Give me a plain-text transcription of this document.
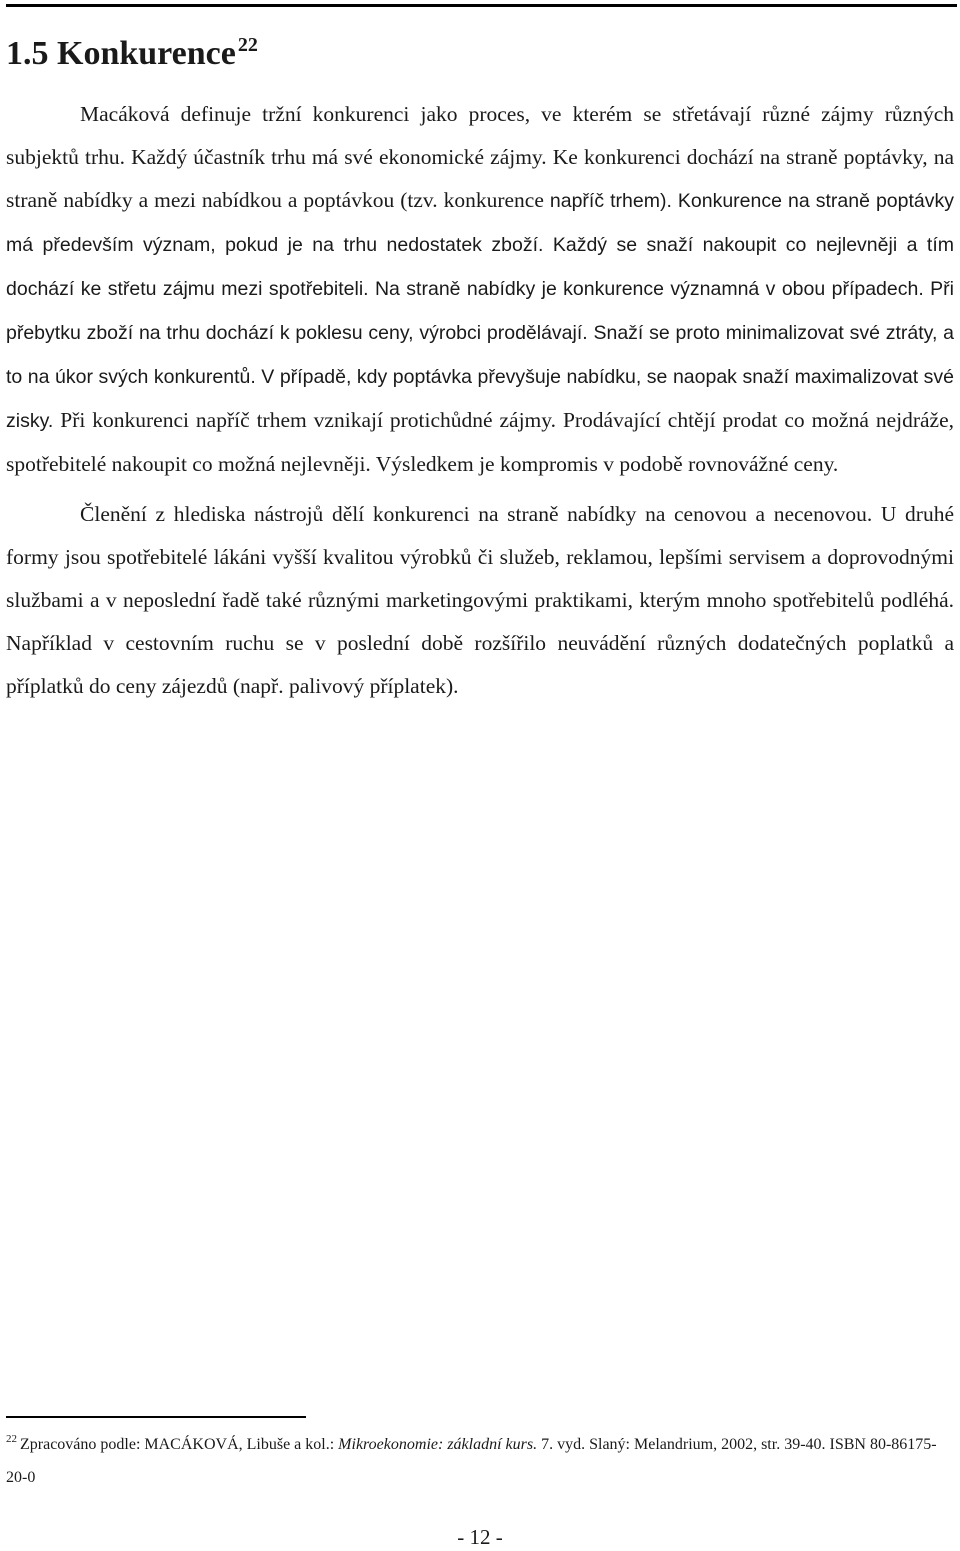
1.5 Konkurence $^{22}$

Macáková definuje tržní konkurenci jako proces, ve kterém se střetávají různé zájmy různých subjektů trhu. Každý účastník trhu má své ekonomické zájmy. Ke konkurenci dochází na straně poptávky, na straně nabídky a mezi nabídkou a poptávkou (tzv. konkurence napříč trhem). Konkurence na straně poptávky má především význam, pokud je na trhu nedostatek zboží. Každý se snaží nakoupit co nejlevněji a tím dochází ke střetu zájmu mezi spotřebiteli. Na straně nabídky je konkurence významná v obou případech. Při přebytku zboží na trhu dochází k poklesu ceny, výrobci prodělávají. Snaží se proto minimalizovat své ztráty, a to na úkor svých konkurentů. V případě, kdy poptávka převyšuje nabídku, se naopak snaží maximalizovat své zisky. Při konkurenci napříč trhem vznikají protichůdné zájmy. Prodávající chtějí prodat co možná nejdráže, spotřebitelé nakoupit co možná nejlevněji. Výsledkem je kompromis v podobě rovnovážné ceny.

Členění z hlediska nástrojů dělí konkurenci na straně nabídky na cenovou a necenovou. U druhé formy jsou spotřebitelé lákáni vyšší kvalitou výrobků či služeb, reklamou, lepšími servisem a doprovodnými službami a v neposlední řadě také různými marketingovými praktikami, kterým mnoho spotřebitelů podléhá. Například v cestovním ruchu se v poslední době rozšířilo neuvádění různých dodatečných poplatků a příplatků do ceny zájezdů (např. palivový příplatek).

$^{22}$ Zpracováno podle: MACÁKOVÁ, Libuše a kol.: Mikroekonomie: základní kurs. 7. vyd. Slaný: Melandrium, 2002, str. 39-40. ISBN 80-86175-20-0

- 12 -
